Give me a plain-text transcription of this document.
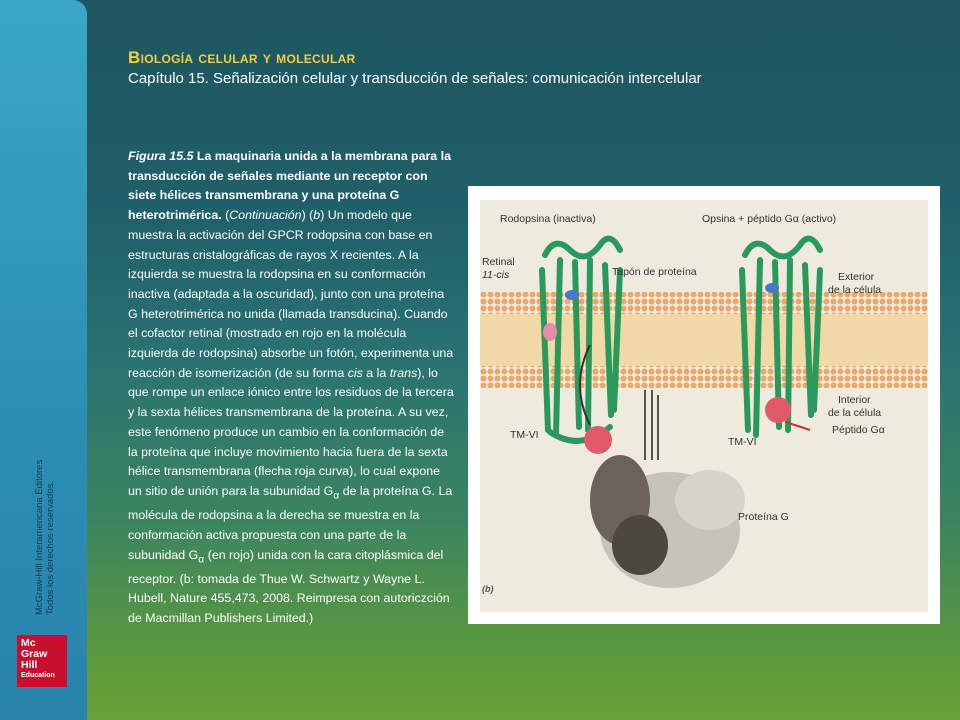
McGraw-Hill Interamericana Editores Todos los derechos reservados.
Mc
Graw
Hill
Education
Biología celular y molecular
Capítulo 15. Señalización celular y transducción de señales: comunicación intercelular
Figura 15.5 La maquinaria unida a la membrana para la transducción de señales mediante un receptor con siete hélices transmembrana y una proteína G heterotrimérica. (Continuación) (b) Un modelo que muestra la activación del GPCR rodopsina con base en estructuras cristalográficas de rayos X recientes. A la izquierda se muestra la rodopsina en su conformación inactiva (adaptada a la oscuridad), junto con una proteína G heterotrimérica no unida (llamada transducina). Cuando el cofactor retinal (mostrado en rojo en la molécula izquierda de rodopsina) absorbe un fotón, experimenta una reacción de isomerización (de su forma cis a la trans), lo que rompe un enlace iónico entre los residuos de la tercera y la sexta hélices transmembrana de la proteína. A su vez, este fenómeno produce un cambio en la conformación de la proteína que incluye movimiento hacia fuera de la sexta hélice transmembrana (flecha roja curva), lo cual expone un sitio de unión para la subunidad $G_\alpha$ de la proteína G. La molécula de rodopsina a la derecha se muestra en la conformación activa propuesta con una parte de la subunidad $G_\alpha$ (en rojo) unida con la cara citoplásmica del receptor. (b: tomada de Thue W. Schwartz y Wayne L. Hubell, Nature 455,473, 2008. Reimpresa con autoriczción de Macmillan Publishers Limited.)
Rodopsina (inactiva)	Opsina + péptido Gα (activo)
Retinal
11-cis	Tapón de proteína	Exterior
de la célula
Interior
de la célula
Péptido Gα
TM-VI
TM-VI
Proteína G
(b)
